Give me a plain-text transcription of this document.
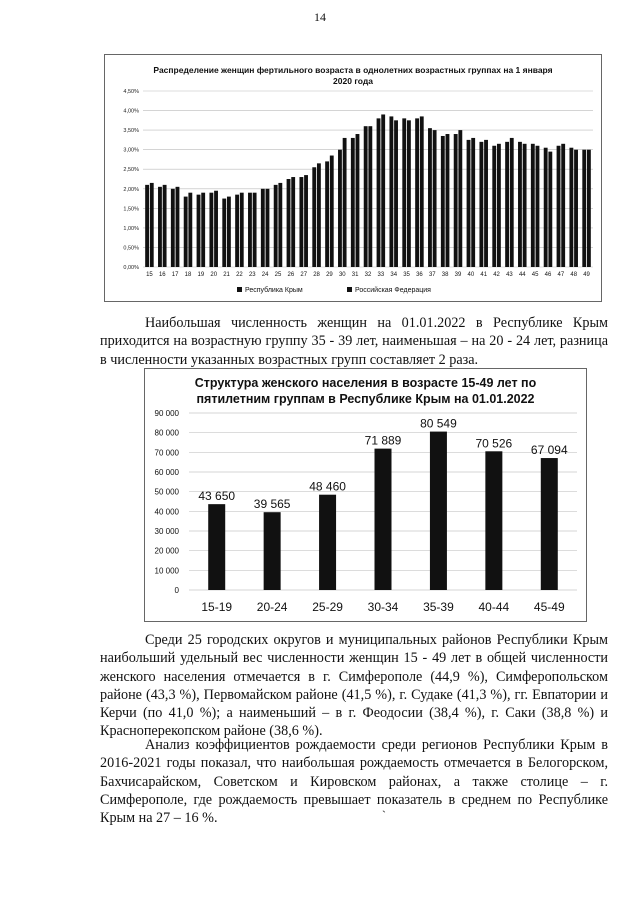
14
Распределение женщин фертильного возраста в однолетних возрастных группах на 1 января 2020 года
0,00%
0,50%
1,00%
1,50%
2,00%
2,50%
3,00%
3,50%
4,00%
4,50%
15 16 17 18 19 20 21 22 23 24 25 26 27 28 29 30 31 32 33 34 35 36 37 38 39 40 41 42 43 44 45 46 47 48 49
Республика Крым	Российская Федерация

Наибольшая численность женщин на 01.01.2022 в Республике Крым приходится на возрастную группу 35 - 39 лет, наименьшая – на 20 - 24 лет, разница в численности указанных возрастных групп составляет 2 раза.

Структура женского населения в возрасте 15-49 лет по пятилетним группам в Республике Крым на 01.01.2022
0
10 000
20 000
30 000
40 000
50 000
60 000
70 000
80 000
90 000
43 650
15-19
39 565
20-24
48 460
25-29
71 889
30-34
80 549
35-39
70 526
40-44
67 094
45-49

Среди 25 городских округов и муниципальных районов Республики Крым наибольший удельный вес численности женщин 15 - 49 лет в общей численности женского населения отмечается в г. Симферополе (44,9 %), Симферопольском районе (43,3 %), Первомайском районе (41,5 %), г. Судаке (41,3 %), гг. Евпатории и Керчи (по 41,0 %); а наименьший – в г. Феодосии (38,4 %), г. Саки (38,8 %) и Красноперекопском районе (38,6 %).

Анализ коэффициентов рождаемости среди регионов Республики Крым в 2016-2021 годы показал, что наибольшая рождаемость отмечается в Белогорском, Бахчисарайском, Советском и Кировском районах, а также столице – г. Симферополе, где рождаемость превышает показатель в среднем по Республике Крым на 27 – 16 %.	ˋ
